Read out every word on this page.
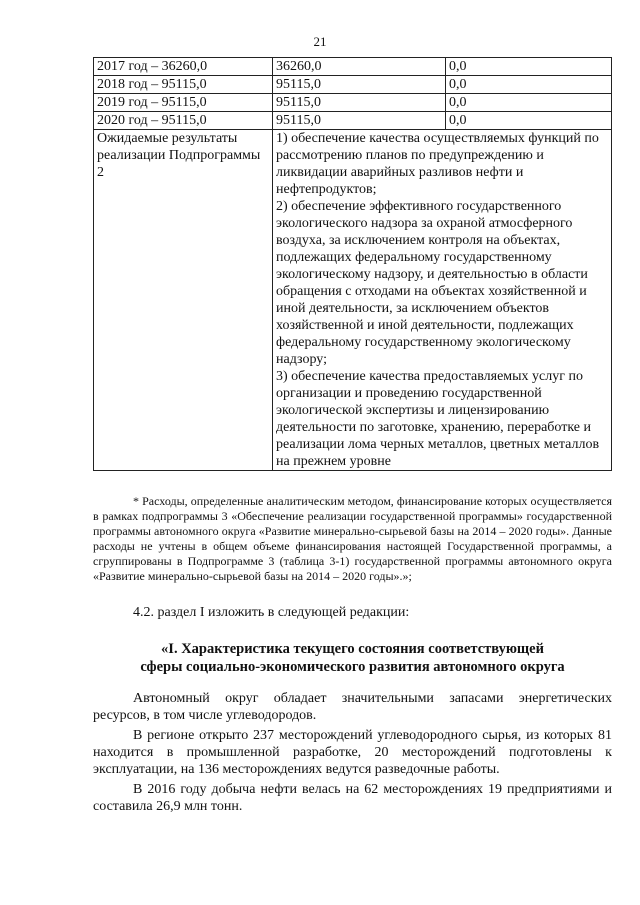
21
2017 год – 36260,0	36260,0	0,0
2018 год – 95115,0	95115,0	0,0
2019 год – 95115,0	95115,0	0,0
2020 год – 95115,0	95115,0	0,0
Ожидаемые результаты реализации Подпрограммы 2	1) обеспечение качества осуществляемых функций по рассмотрению планов по предупреждению и ликвидации аварийных разливов нефти и нефтепродуктов;
2) обеспечение эффективного государственного экологического надзора за охраной атмосферного воздуха, за исключением контроля на объектах, подлежащих федеральному государственному экологическому надзору, и деятельностью в области обращения с отходами на объектах хозяйственной и иной деятельности, за исключением объектов хозяйственной и иной деятельности, подлежащих федеральному государственному экологическому надзору;
3) обеспечение качества предоставляемых услуг по организации и проведению государственной экологической экспертизы и лицензированию деятельности по заготовке, хранению, переработке и реализации лома черных металлов, цветных металлов на прежнем уровне	

* Расходы, определенные аналитическим методом, финансирование которых осуществляется в рамках подпрограммы 3 «Обеспечение реализации государственной программы» государственной программы автономного округа «Развитие минерально-сырьевой базы на 2014 – 2020 годы». Данные расходы не учтены в общем объеме финансирования настоящей Государственной программы, а сгруппированы в Подпрограмме 3 (таблица 3-1) государственной программы автономного округа «Развитие минерально-сырьевой базы на 2014 – 2020 годы».»;

4.2. раздел I изложить в следующей редакции:
«I. Характеристика текущего состояния соответствующей
сферы социально-экономического развития автономного округа

Автономный округ обладает значительными запасами энергетических ресурсов, в том числе углеводородов.

В регионе открыто 237 месторождений углеводородного сырья, из которых 81 находится в промышленной разработке, 20 месторождений подготовлены к эксплуатации, на 136 месторождениях ведутся разведочные работы.

В 2016 году добыча нефти велась на 62 месторождениях 19 предприятиями и составила 26,9 млн тонн.
